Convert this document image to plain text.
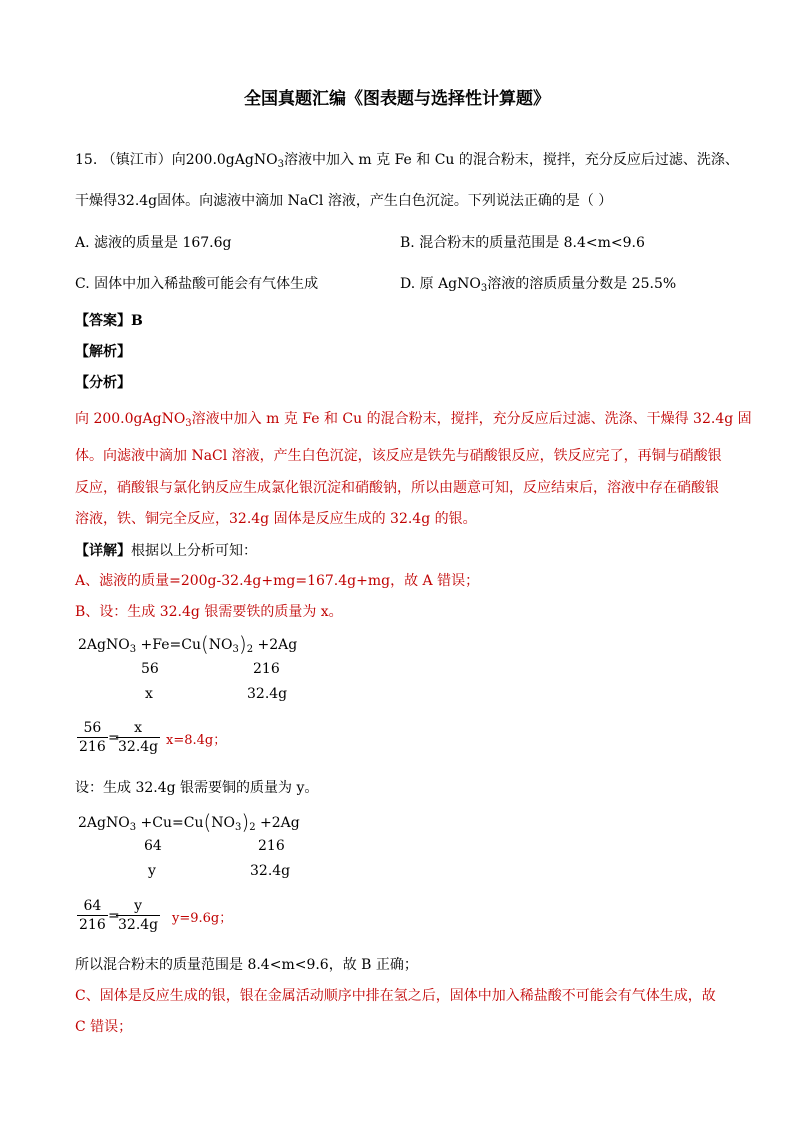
全国真题汇编《图表题与选择性计算题》
15. （镇江市）向200.0gAgNO$_3$溶液中加入 m 克 Fe 和 Cu 的混合粉末，搅拌，充分反应后过滤、洗涤、
干燥得32.4g固体。向滤液中滴加 NaCl 溶液，产生白色沉淀。下列说法正确的是（ ）
A. 滤液的质量是 167.6g	B. 混合粉末的质量范围是 8.4<m<9.6
C. 固体中加入稀盐酸可能会有气体生成	D. 原 AgNO$_3$溶液的溶质质量分数是 25.5%
【答案】B
【解析】
【分析】
向 200.0gAgNO$_3$溶液中加入 m 克 Fe 和 Cu 的混合粉末，搅拌，充分反应后过滤、洗涤、干燥得 32.4g 固
体。向滤液中滴加 NaCl 溶液，产生白色沉淀，该反应是铁先与硝酸银反应，铁反应完了，再铜与硝酸银
反应，硝酸银与氯化钠反应生成氯化银沉淀和硝酸钠，所以由题意可知，反应结束后，溶液中存在硝酸银
溶液，铁、铜完全反应，32.4g 固体是反应生成的 32.4g 的银。
【详解】根据以上分析可知：
A、滤液的质量=200g-32.4g+mg=167.4g+mg，故 A 错误；
B、设：生成 32.4g 银需要铁的质量为 x。
2AgNO$_3$ $+Fe=Cu(NO_3)_2 +2Ag$
56	216
x	32.4g
$\frac{56}{216}$ =
$\frac{x}{32.4g} x=8.4g$；
设：生成 32.4g 银需要铜的质量为 y。
2AgNO$_3$ $+Cu=Cu(NO_3)_2 +2Ag$
64	216
y	32.4g
$\frac{64}{216}$ =
$\frac{y}{32.4g} y=9.6g$；
所以混合粉末的质量范围是 8.4<m<9.6，故 B 正确；
C、固体是反应生成的银，银在金属活动顺序中排在氢之后，固体中加入稀盐酸不可能会有气体生成，故
C 错误；
